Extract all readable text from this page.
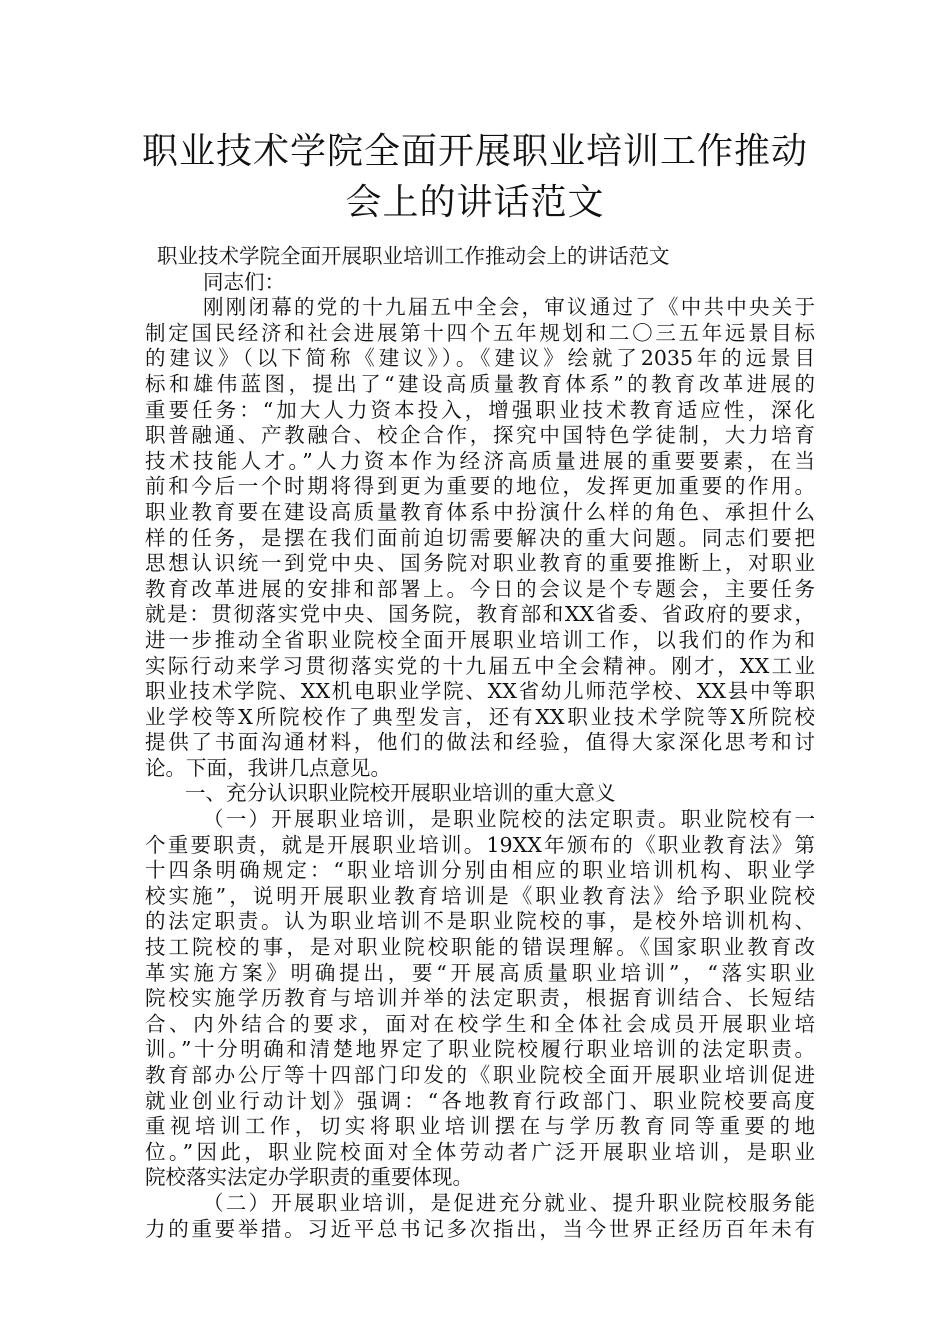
职业技术学院全面开展职业培训工作推动
会上的讲话范文
职业技术学院全面开展职业培训工作推动会上的讲话范文
同志们：
刚刚闭幕的党的十九届五中全会，审议通过了《中共中央关于
制定国民经济和社会进展第十四个五年规划和二〇三五年远景目标
的建议》（以下简称《建议》）。《建议》绘就了2035年的远景目
标和雄伟蓝图，提出了“建设高质量教育体系”的教育改革进展的
重要任务：“加大人力资本投入，增强职业技术教育适应性，深化
职普融通、产教融合、校企合作，探究中国特色学徒制，大力培育
技术技能人才。”人力资本作为经济高质量进展的重要要素，在当
前和今后一个时期将得到更为重要的地位，发挥更加重要的作用。
职业教育要在建设高质量教育体系中扮演什么样的角色、承担什么
样的任务，是摆在我们面前迫切需要解决的重大问题。同志们要把
思想认识统一到党中央、国务院对职业教育的重要推断上，对职业
教育改革进展的安排和部署上。今日的会议是个专题会，主要任务
就是：贯彻落实党中央、国务院，教育部和XX省委、省政府的要求，
进一步推动全省职业院校全面开展职业培训工作，以我们的作为和
实际行动来学习贯彻落实党的十九届五中全会精神。刚才，XX工业
职业技术学院、XX机电职业学院、XX省幼儿师范学校、XX县中等职
业学校等X所院校作了典型发言，还有XX职业技术学院等X所院校
提供了书面沟通材料，他们的做法和经验，值得大家深化思考和讨
论。下面，我讲几点意见。
一、充分认识职业院校开展职业培训的重大意义
（一）开展职业培训，是职业院校的法定职责。职业院校有一
个重要职责，就是开展职业培训。19XX年颁布的《职业教育法》第
十四条明确规定：“职业培训分别由相应的职业培训机构、职业学
校实施”，说明开展职业教育培训是《职业教育法》给予职业院校
的法定职责。认为职业培训不是职业院校的事，是校外培训机构、
技工院校的事，是对职业院校职能的错误理解。《国家职业教育改
革实施方案》明确提出，要“开展高质量职业培训”，“落实职业
院校实施学历教育与培训并举的法定职责，根据育训结合、长短结
合、内外结合的要求，面对在校学生和全体社会成员开展职业培
训。”十分明确和清楚地界定了职业院校履行职业培训的法定职责。
教育部办公厅等十四部门印发的《职业院校全面开展职业培训促进
就业创业行动计划》强调：“各地教育行政部门、职业院校要高度
重视培训工作，切实将职业培训摆在与学历教育同等重要的地
位。”因此，职业院校面对全体劳动者广泛开展职业培训，是职业
院校落实法定办学职责的重要体现。
（二）开展职业培训，是促进充分就业、提升职业院校服务能
力的重要举措。习近平总书记多次指出，当今世界正经历百年未有
